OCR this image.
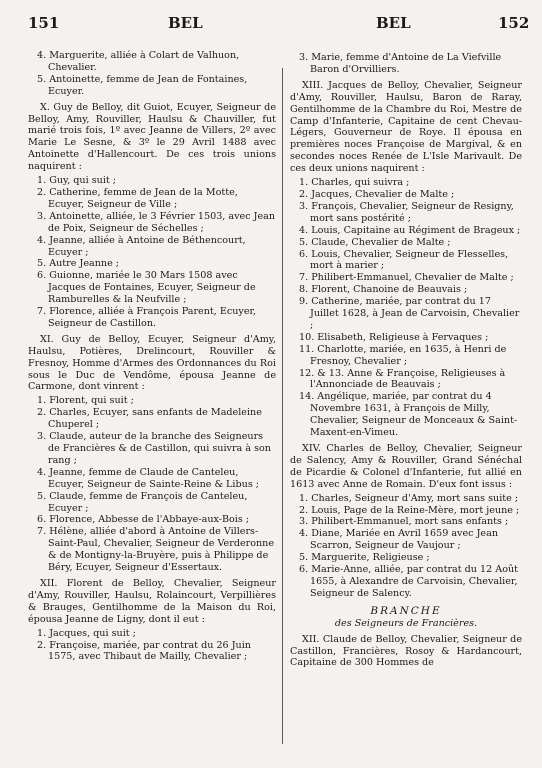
151	BEL	BEL	152

4. Marguerite, alliée à Colart de Valhuon, Chevalier.

5. Antoinette, femme de Jean de Fontaines, Ecuyer.

X. Guy de Belloy, dit Guiot, Ecuyer, Seigneur de Belloy, Amy, Rouviller, Haulsu & Chauviller, fut marié trois fois, 1º avec Jeanne de Villers, 2º avec Marie Le Sesne, & 3º le 29 Avril 1488 avec Antoinette d'Hallencourt. De ces trois unions naquirent :

1. Guy, qui suit ;

2. Catherine, femme de Jean de la Motte, Ecuyer, Seigneur de Ville ;

3. Antoinette, alliée, le 3 Février 1503, avec Jean de Poix, Seigneur de Séchelles ;

4. Jeanne, alliée à Antoine de Béthencourt, Ecuyer ;

5. Autre Jeanne ;

6. Guionne, mariée le 30 Mars 1508 avec Jacques de Fontaines, Ecuyer, Seigneur de Ramburelles & la Neufville ;

7. Florence, alliée à François Parent, Ecuyer, Seigneur de Castillon.

XI. Guy de Belloy, Ecuyer, Seigneur d'Amy, Haulsu, Potières, Drelincourt, Rouviller & Fresnoy, Homme d'Armes des Ordonnances du Roi sous le Duc de Vendôme, épousa Jeanne de Carmone, dont vinrent :

1. Florent, qui suit ;

2. Charles, Ecuyer, sans enfants de Madeleine Chuperel ;

3. Claude, auteur de la branche des Seigneurs de Francières & de Castillon, qui suivra à son rang ;

4. Jeanne, femme de Claude de Canteleu, Ecuyer, Seigneur de Sainte-Reine & Libus ;

5. Claude, femme de François de Canteleu, Ecuyer ;

6. Florence, Abbesse de l'Abbaye-aux-Bois ;

7. Hélène, alliée d'abord à Antoine de Villers-Saint-Paul, Chevalier, Seigneur de Verderonne & de Montigny-la-Bruyère, puis à Philippe de Béry, Ecuyer, Seigneur d'Essertaux.

XII. Florent de Belloy, Chevalier, Seigneur d'Amy, Rouviller, Haulsu, Rolaincourt, Verpillières & Brauges, Gentilhomme de la Maison du Roi, épousa Jeanne de Ligny, dont il eut :

1. Jacques, qui suit ;

2. Françoise, mariée, par contrat du 26 Juin 1575, avec Thibaut de Mailly, Chevalier ;

3. Marie, femme d'Antoine de La Viefville Baron d'Orvilliers.

XIII. Jacques de Belloy, Chevalier, Seigneur d'Amy, Rouviller, Haulsu, Baron de Raray, Gentilhomme de la Chambre du Roi, Mestre de Camp d'Infanterie, Capitaine de cent Chevau-Légers, Gouverneur de Roye. Il épousa en premières noces Françoise de Margival, & en secondes noces Renée de L'Isle Marivault. De ces deux unions naquirent :

1. Charles, qui suivra ;

2. Jacques, Chevalier de Malte ;

3. François, Chevalier, Seigneur de Resigny, mort sans postérité ;

4. Louis, Capitaine au Régiment de Brageux ;

5. Claude, Chevalier de Malte ;

6. Louis, Chevalier, Seigneur de Flesselles, mort à marier ;

7. Philibert-Emmanuel, Chevalier de Malte ;

8. Florent, Chanoine de Beauvais ;

9. Catherine, mariée, par contrat du 17 Juillet 1628, à Jean de Carvoisin, Chevalier ;

10. Elisabeth, Religieuse à Fervaques ;

11. Charlotte, mariée, en 1635, à Henri de Fresnoy, Chevalier ;

12. & 13. Anne & Françoise, Religieuses à l'Annonciade de Beauvais ;

14. Angélique, mariée, par contrat du 4 Novembre 1631, à François de Milly, Chevalier, Seigneur de Monceaux & Saint-Maxent-en-Vimeu.

XIV. Charles de Belloy, Chevalier, Seigneur de Salency, Amy & Rouviller, Grand Sénéchal de Picardie & Colonel d'Infanterie, fut allié en 1613 avec Anne de Romain. D'eux font issus :

1. Charles, Seigneur d'Amy, mort sans suite ;

2. Louis, Page de la Reine-Mère, mort jeune ;

3. Philibert-Emmanuel, mort sans enfants ;

4. Diane, Mariée en Avril 1659 avec Jean Scarron, Seigneur de Vaujour ;

5. Marguerite, Religieuse ;

6. Marie-Anne, alliée, par contrat du 12 Août 1655, à Alexandre de Carvoisin, Chevalier, Seigneur de Salency.

BRANCHE

des Seigneurs de Francières.

XII. Claude de Belloy, Chevalier, Seigneur de Castillon, Francières, Rosoy & Hardancourt, Capitaine de 300 Hommes de
